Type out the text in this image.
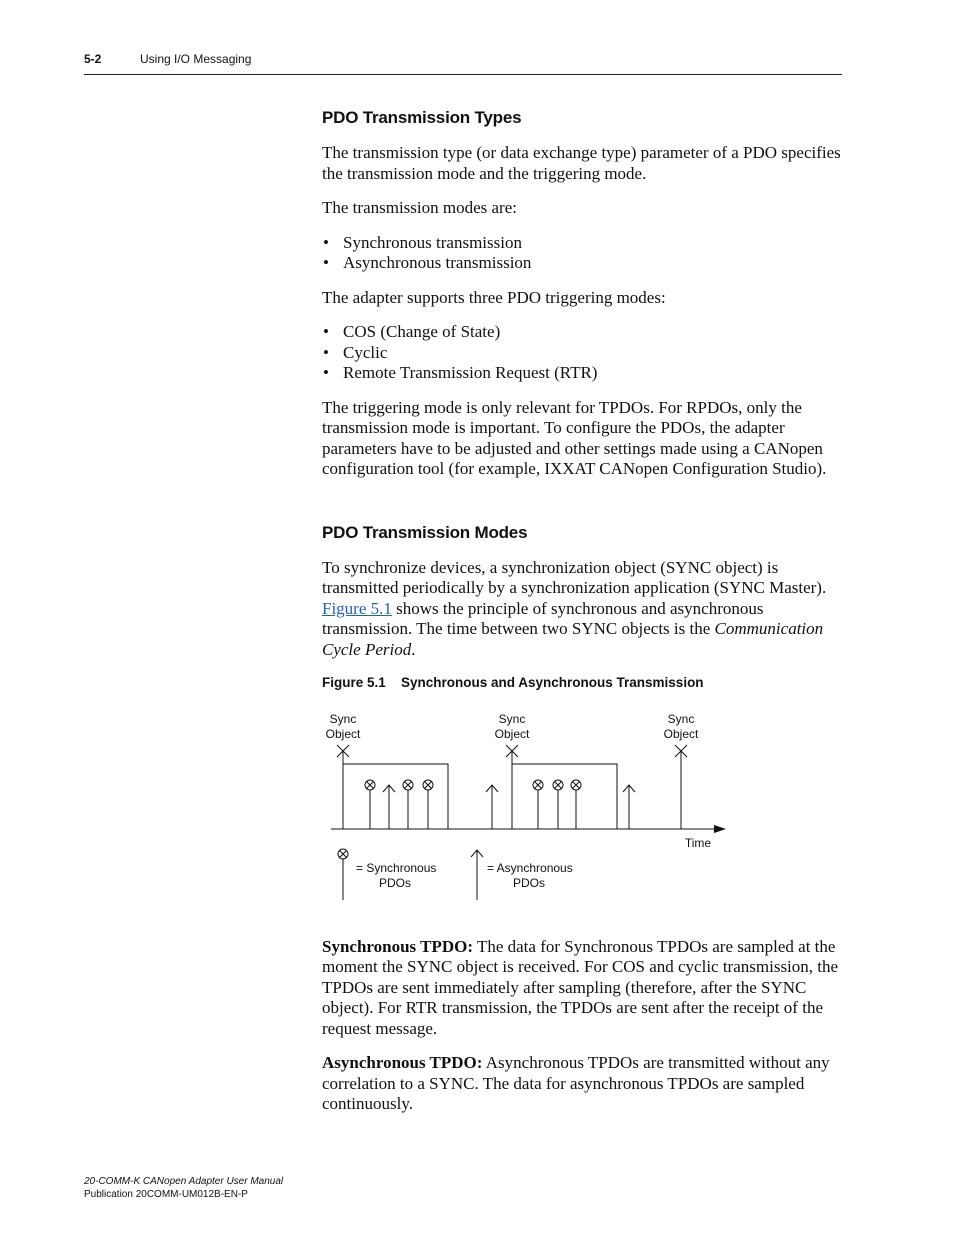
5-2	Using I/O Messaging
PDO Transmission Types

The transmission type (or data exchange type) parameter of a PDO specifies the transmission mode and the triggering mode.

The transmission modes are:

• Synchronous transmission
• Asynchronous transmission

The adapter supports three PDO triggering modes:

• COS (Change of State)
• Cyclic
• Remote Transmission Request (RTR)

The triggering mode is only relevant for TPDOs. For RPDOs, only the transmission mode is important. To configure the PDOs, the adapter parameters have to be adjusted and other settings made using a CANopen configuration tool (for example, IXXAT CANopen Configuration Studio).

PDO Transmission Modes

To synchronize devices, a synchronization object (SYNC object) is transmitted periodically by a synchronization application (SYNC Master). Figure 5.1 shows the principle of synchronous and asynchronous transmission. The time between two SYNC objects is the Communication Cycle Period.

Figure 5.1 Synchronous and Asynchronous Transmission
Sync
Object
Sync
Object
Sync
Object
Time
= Synchronous
PDOs
= Asynchronous
PDOs

Synchronous TPDO: The data for Synchronous TPDOs are sampled at the moment the SYNC object is received. For COS and cyclic transmission, the TPDOs are sent immediately after sampling (therefore, after the SYNC object). For RTR transmission, the TPDOs are sent after the receipt of the request message.

Asynchronous TPDO: Asynchronous TPDOs are transmitted without any correlation to a SYNC. The data for asynchronous TPDOs are sampled continuously.

20-COMM-K CANopen Adapter User Manual
Publication 20COMM-UM012B-EN-P
